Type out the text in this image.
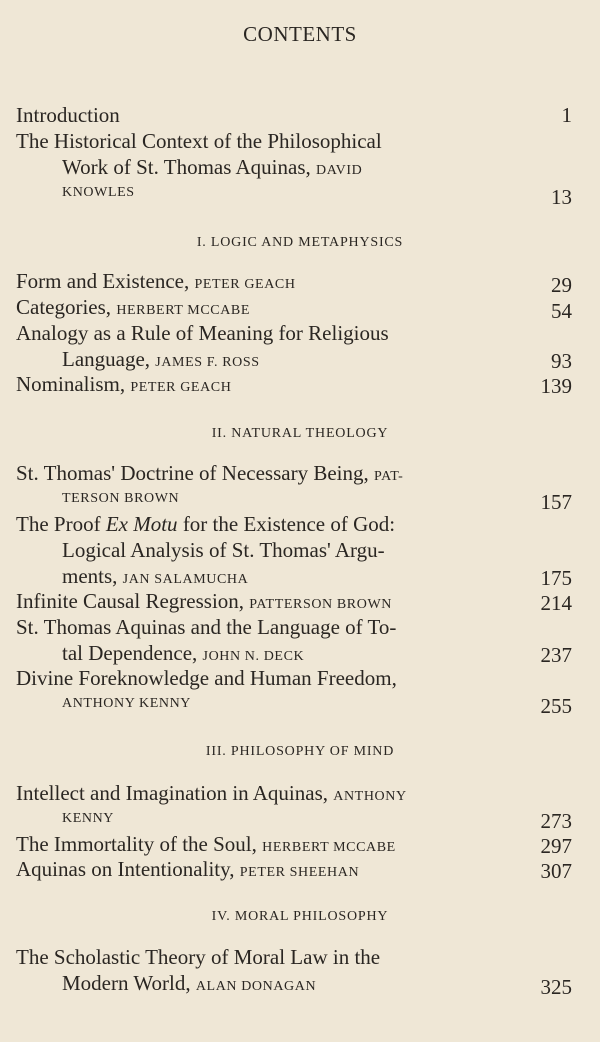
CONTENTS
Introduction	1
The Historical Context of the Philosophical
Work of St. Thomas Aquinas, DAVID
KNOWLES	13
I. LOGIC AND METAPHYSICS
Form and Existence, PETER GEACH	29
Categories, HERBERT MCCABE	54
Analogy as a Rule of Meaning for Religious
Language, JAMES F. ROSS	93
Nominalism, PETER GEACH	139
II. NATURAL THEOLOGY
St. Thomas' Doctrine of Necessary Being, PAT-
TERSON BROWN	157
The Proof Ex Motu for the Existence of God:
Logical Analysis of St. Thomas' Argu-
ments, JAN SALAMUCHA	175
Infinite Causal Regression, PATTERSON BROWN	214
St. Thomas Aquinas and the Language of To-
tal Dependence, JOHN N. DECK	237
Divine Foreknowledge and Human Freedom,
ANTHONY KENNY	255
III. PHILOSOPHY OF MIND
Intellect and Imagination in Aquinas, ANTHONY
KENNY	273
The Immortality of the Soul, HERBERT MCCABE	297
Aquinas on Intentionality, PETER SHEEHAN	307
IV. MORAL PHILOSOPHY
The Scholastic Theory of Moral Law in the
Modern World, ALAN DONAGAN	325
